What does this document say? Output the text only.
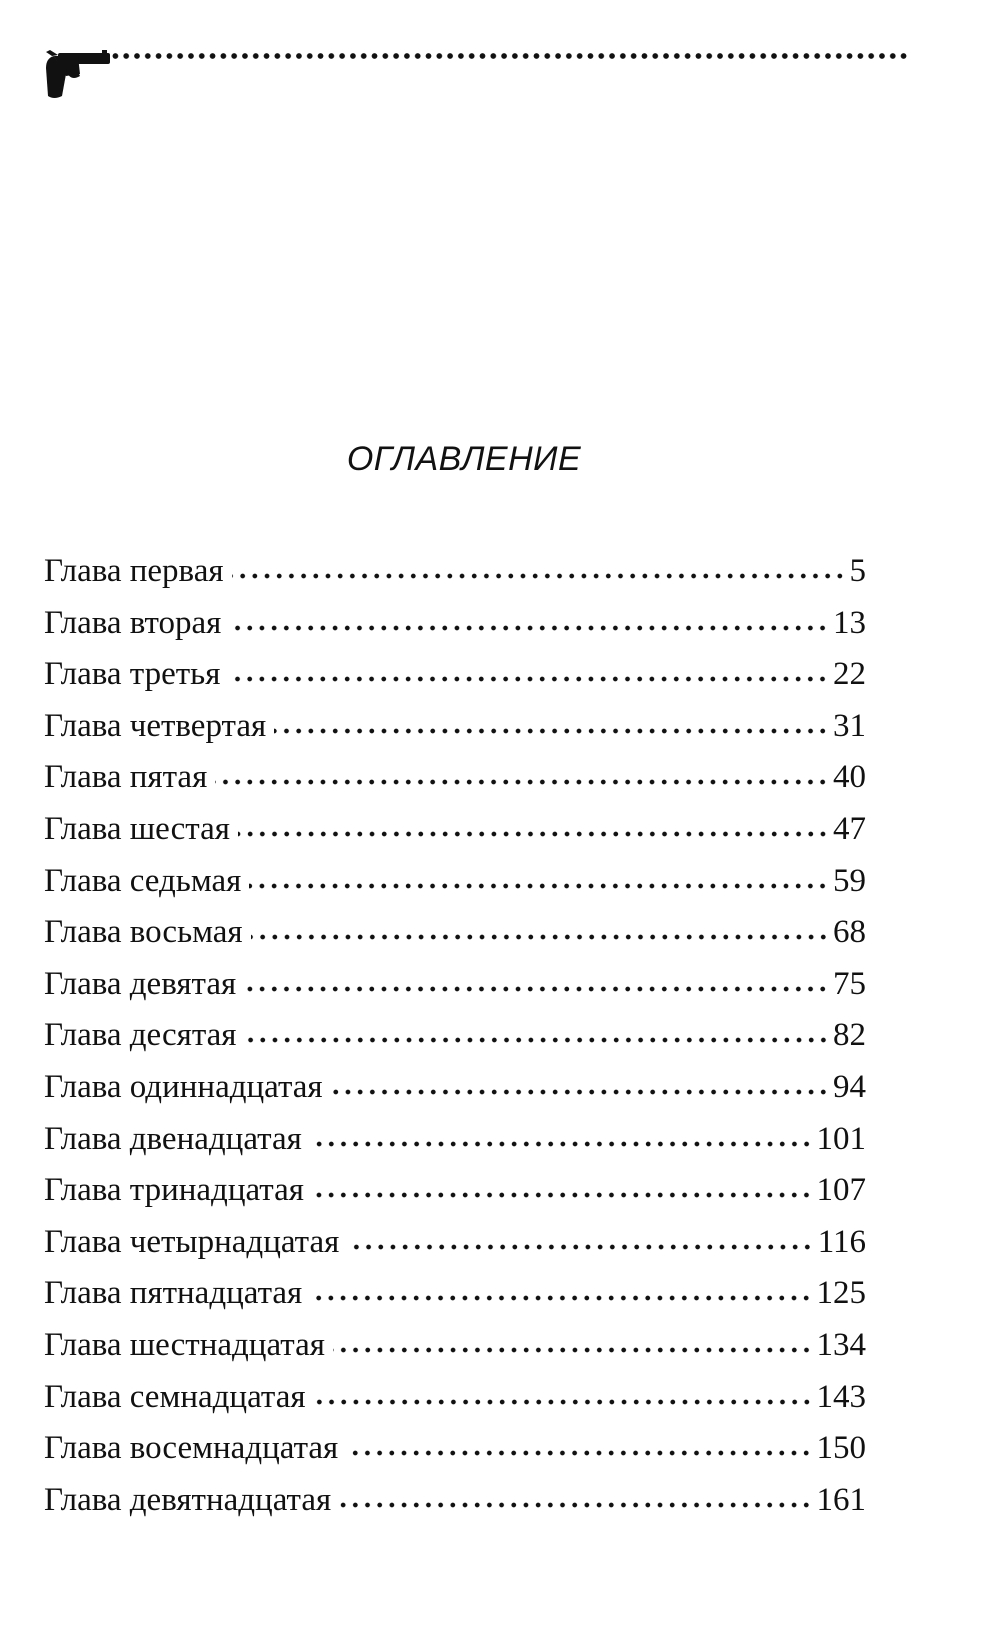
ОГЛАВЛЕНИЕ
Глава первая	5
Глава вторая	13
Глава третья	22
Глава четвертая	31
Глава пятая	40
Глава шестая	47
Глава седьмая	59
Глава восьмая	68
Глава девятая	75
Глава десятая	82
Глава одиннадцатая	94
Глава двенадцатая	101
Глава тринадцатая	107
Глава четырнадцатая	116
Глава пятнадцатая	125
Глава шестнадцатая	134
Глава семнадцатая	143
Глава восемнадцатая	150
Глава девятнадцатая	161
